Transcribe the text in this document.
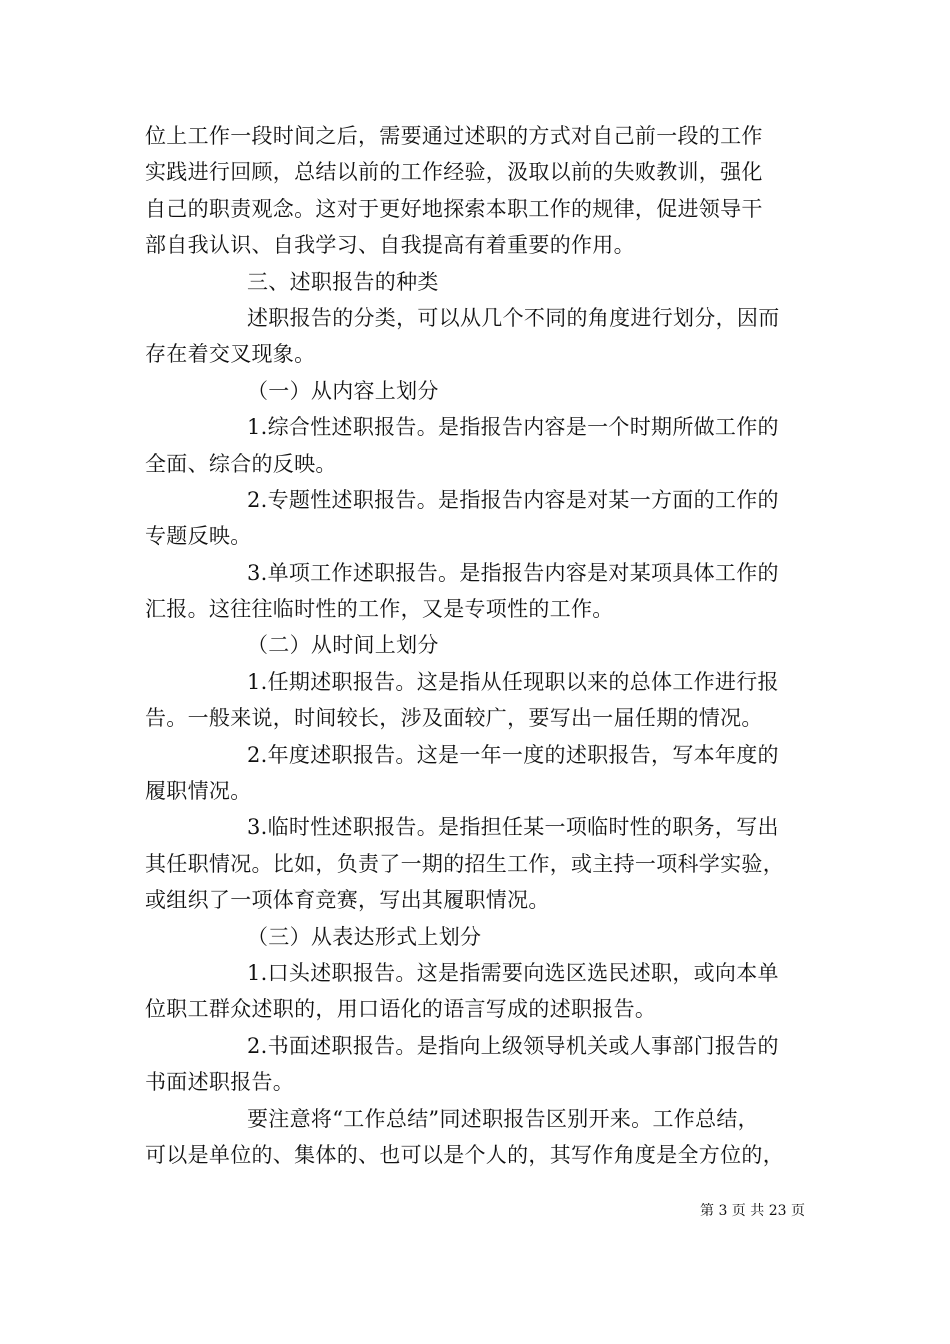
位上工作一段时间之后，需要通过述职的方式对自己前一段的工作
实践进行回顾，总结以前的工作经验，汲取以前的失败教训，强化
自己的职责观念。这对于更好地探索本职工作的规律，促进领导干
部自我认识、自我学习、自我提高有着重要的作用。
三、述职报告的种类
述职报告的分类，可以从几个不同的角度进行划分，因而
存在着交叉现象。
（一）从内容上划分
1.综合性述职报告。是指报告内容是一个时期所做工作的
全面、综合的反映。
2.专题性述职报告。是指报告内容是对某一方面的工作的
专题反映。
3.单项工作述职报告。是指报告内容是对某项具体工作的
汇报。这往往临时性的工作，又是专项性的工作。
（二）从时间上划分
1.任期述职报告。这是指从任现职以来的总体工作进行报
告。一般来说，时间较长，涉及面较广，要写出一届任期的情况。
2.年度述职报告。这是一年一度的述职报告，写本年度的
履职情况。
3.临时性述职报告。是指担任某一项临时性的职务，写出
其任职情况。比如，负责了一期的招生工作，或主持一项科学实验，
或组织了一项体育竞赛，写出其履职情况。
（三）从表达形式上划分
1.口头述职报告。这是指需要向选区选民述职，或向本单
位职工群众述职的，用口语化的语言写成的述职报告。
2.书面述职报告。是指向上级领导机关或人事部门报告的
书面述职报告。
要注意将“工作总结”同述职报告区别开来。工作总结，
可以是单位的、集体的、也可以是个人的，其写作角度是全方位的，
第 3 页 共 23 页
